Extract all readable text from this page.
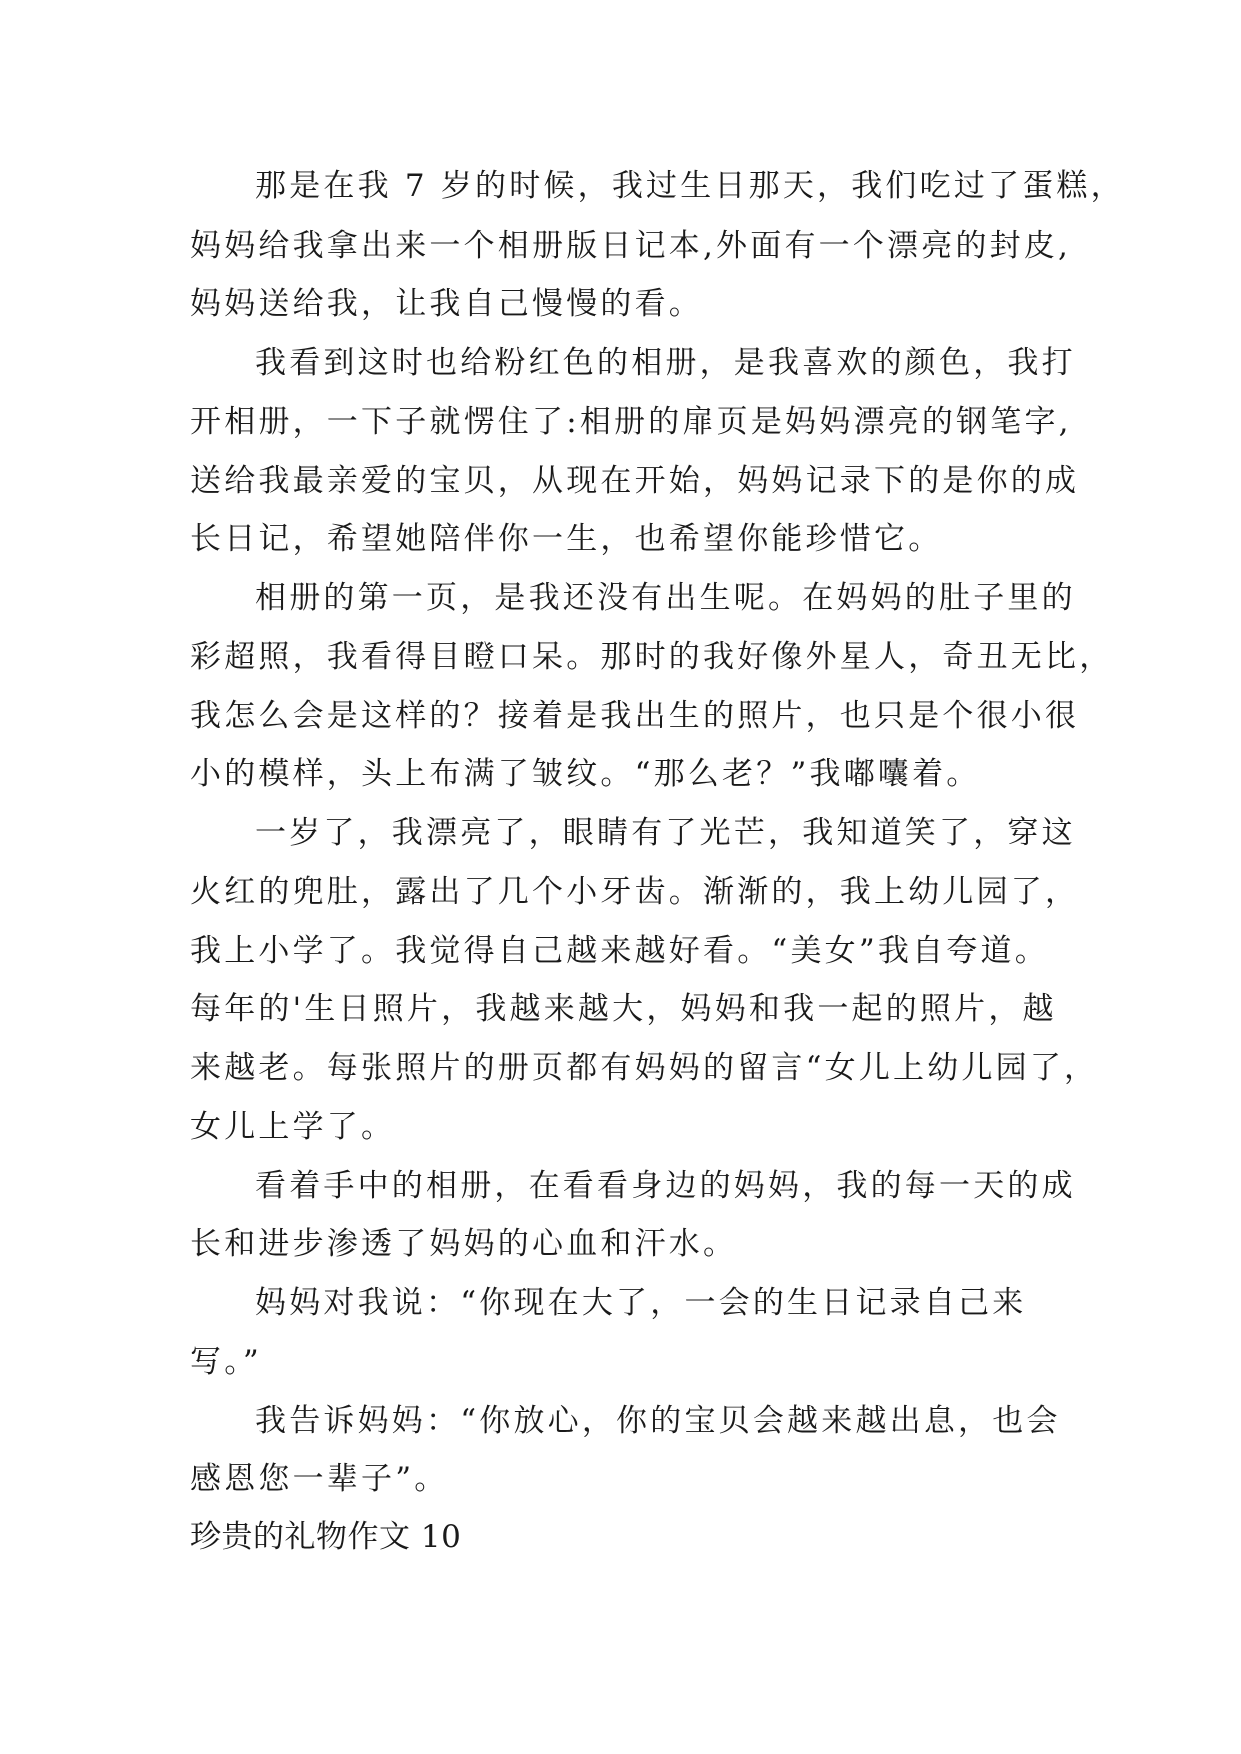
那是在我 7 岁的时候，我过生日那天，我们吃过了蛋糕，
妈妈给我拿出来一个相册版日记本,外面有一个漂亮的封皮,
妈妈送给我，让我自己慢慢的看。
我看到这时也给粉红色的相册，是我喜欢的颜色，我打
开相册，一下子就愣住了:相册的扉页是妈妈漂亮的钢笔字,
送给我最亲爱的宝贝，从现在开始，妈妈记录下的是你的成
长日记，希望她陪伴你一生，也希望你能珍惜它。
相册的第一页，是我还没有出生呢。在妈妈的肚子里的
彩超照，我看得目瞪口呆。那时的我好像外星人，奇丑无比，
我怎么会是这样的？接着是我出生的照片，也只是个很小很
小的模样，头上布满了皱纹。“那么老？”我嘟囔着。
一岁了，我漂亮了，眼睛有了光芒，我知道笑了，穿这
火红的兜肚，露出了几个小牙齿。渐渐的，我上幼儿园了，
我上小学了。我觉得自己越来越好看。“美女”我自夸道。
每年的'生日照片，我越来越大，妈妈和我一起的照片，越
来越老。每张照片的册页都有妈妈的留言“女儿上幼儿园了，
女儿上学了。
看着手中的相册，在看看身边的妈妈，我的每一天的成
长和进步渗透了妈妈的心血和汗水。
妈妈对我说：“你现在大了，一会的生日记录自己来
写。”
我告诉妈妈：“你放心，你的宝贝会越来越出息，也会
感恩您一辈子”。
珍贵的礼物作文 10
